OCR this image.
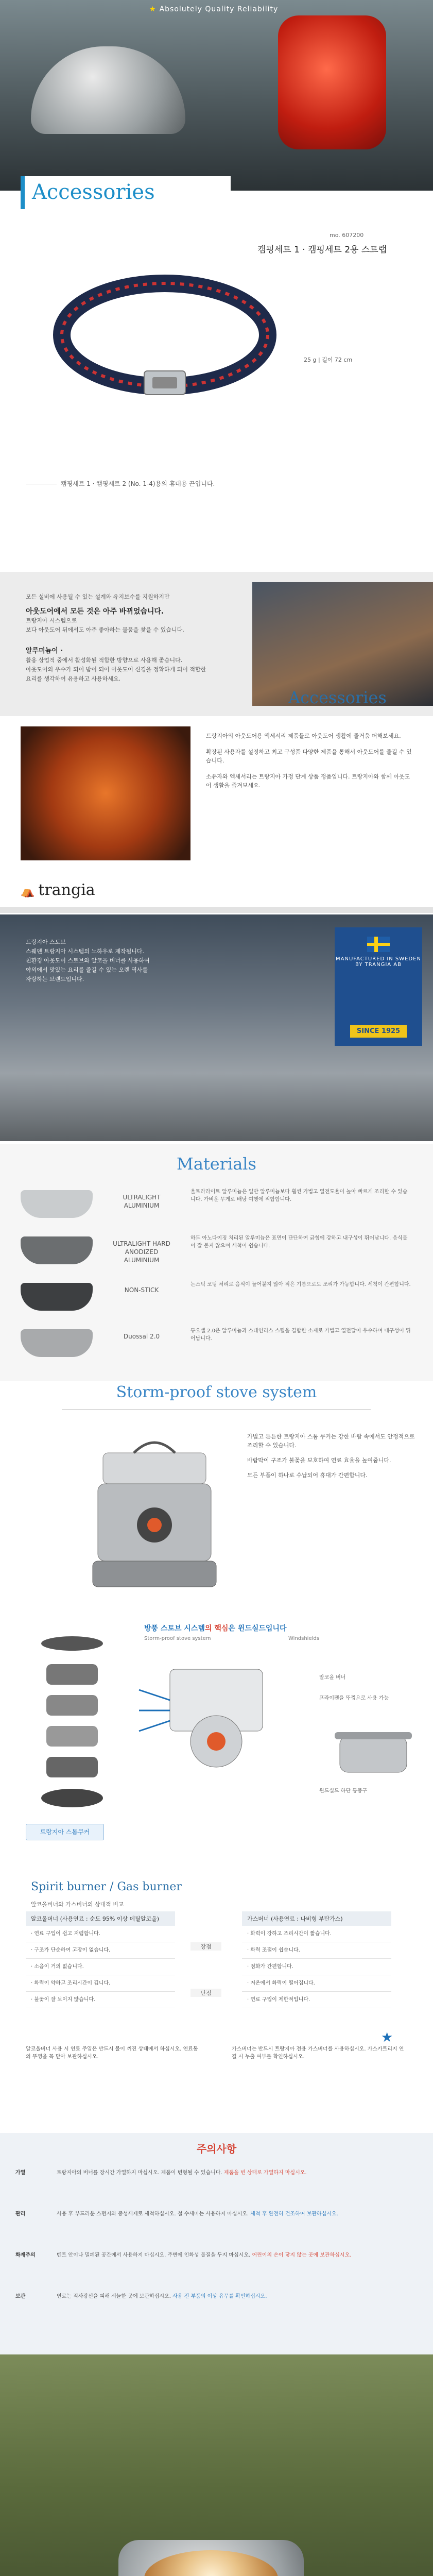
★ Absolutely Quality Reliability
Accessories
mo. 607200
캠핑세트 1 · 캠핑세트 2용 스트랩
25 g | 길이 72 cm
캠핑세트 1 · 캠핑세트 2 (No. 1-4)용의 휴대용 끈입니다.

모든 설비에 사용될 수 있는 설계와 유지보수를 지원하지만

아웃도어에서 모든 것은 아주 바뀌었습니다.

트랑지아 시스템으로

보다 아웃도어 뒤에서도 아주 좋아하는 물품을 찾을 수 있습니다.

알루미늄이 ·

활용 상업적 중에서 활성화된 적합한 방향으로 사용해 좋습니다.

아웃도어의 우수가 되어 밤이 되어 아웃도어 신경을 정확하게 되어 적합한

요리를 생각하여 유용하고 사용하세요.

Accessories

트랑지아의 아웃도어용 액세서리 제품들로 아웃도어 생활에 즐거움 더해보세요.

확장된 사용자를 설정하고 최고 구성품 다양한 제품을 통해서 아웃도어를 즐길 수 있습니다.

소유자와 엑세서리는 트랑지아 가정 단계 상품 정품입니다. 트랑지아와 함께 아웃도어 생활을 즐겨보세요.

⛺ trangia

트랑지아 스토브

스웨덴 트랑지아 시스템의 노하우로 제작됩니다.

친환경 아웃도어 스토브와 알코올 버너를 사용하여

야외에서 맛있는 요리를 즐길 수 있는 오랜 역사를

자랑하는 브랜드입니다.

MANUFACTURED IN SWEDEN BY TRANGIA AB
SINCE 1925
Materials
ULTRALIGHT ALUMINIUM
울트라라이트 알루미늄은 일반 알루미늄보다 훨씬 가볍고 열전도율이 높아 빠르게 조리할 수 있습니다. 가벼운 무게로 배낭 여행에 적합합니다.
ULTRALIGHT HARD ANODIZED ALUMINIUM
하드 아노다이징 처리된 알루미늄은 표면이 단단하여 긁힘에 강하고 내구성이 뛰어납니다. 음식물이 잘 붙지 않으며 세척이 쉽습니다.
NON-STICK
논스틱 코팅 처리로 음식이 눌어붙지 않아 적은 기름으로도 조리가 가능합니다. 세척이 간편합니다.
Duossal 2.0
듀오셀 2.0은 알루미늄과 스테인리스 스틸을 결합한 소재로 가볍고 열전달이 우수하며 내구성이 뛰어납니다.
Storm-proof stove system

가볍고 튼튼한 트랑지아 스톰 쿠커는 강한 바람 속에서도 안정적으로 조리할 수 있습니다.

바람막이 구조가 불꽃을 보호하여 연료 효율을 높여줍니다.

모든 부품이 하나로 수납되어 휴대가 간편합니다.

방풍 스토브 시스템의 핵심은 윈드실드입니다
Storm-proof stove system	Windshields
알코올 버너
프라이팬을 뚜껑으로 사용 가능
윈드실드 하단 통풍구
트랑지아 스톰쿠커
Spirit burner / Gas burner
알코올버너와 가스버너의 상대적 비교
알코올버너 (사용연료 : 순도 95% 이상 메틸알코올)
· 연료 구입이 쉽고 저렴합니다.
· 구조가 단순하여 고장이 없습니다.
· 소음이 거의 없습니다.
· 화력이 약하고 조리시간이 깁니다.
· 불꽃이 잘 보이지 않습니다.
장점
단점
가스버너 (사용연료 : 나비형 부탄가스)
· 화력이 강하고 조리시간이 짧습니다.
· 화력 조절이 쉽습니다.
· 점화가 간편합니다.
· 저온에서 화력이 떨어집니다.
· 연료 구입이 제한적입니다.
★
알코올버너 사용 시 연료 주입은 반드시 불이 꺼진 상태에서 하십시오. 연료통의 뚜껑을 꼭 닫아 보관하십시오.
가스버너는 반드시 트랑지아 전용 가스버너를 사용하십시오. 가스카트리지 연결 시 누출 여부를 확인하십시오.
주의사항
가열	트랑지아의 버너를 장시간 가열하지 마십시오. 제품이 변형될 수 있습니다. 제품을 빈 상태로 가열하지 마십시오.
관리	사용 후 부드러운 스펀지와 중성세제로 세척하십시오. 철 수세미는 사용하지 마십시오. 세척 후 완전히 건조하여 보관하십시오.
화재주의	텐트 안이나 밀폐된 공간에서 사용하지 마십시오. 주변에 인화성 물질을 두지 마십시오. 어린이의 손이 닿지 않는 곳에 보관하십시오.
보관	연료는 직사광선을 피해 서늘한 곳에 보관하십시오. 사용 전 부품의 이상 유무를 확인하십시오.
